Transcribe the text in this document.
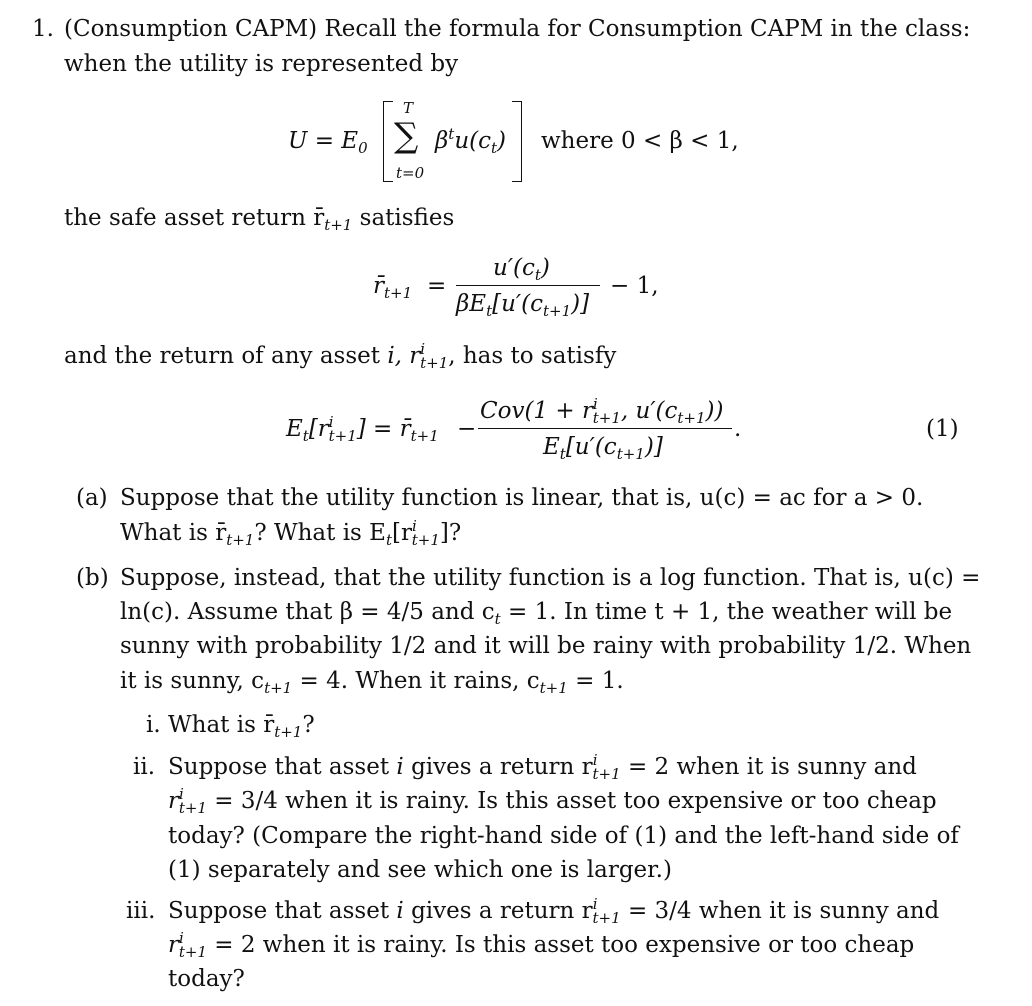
1. (Consumption CAPM) Recall the formula for Consumption CAPM in the class:
when the utility is represented by
$U = E_0$
T
∑
t=0
$\beta^tu(c_t)$ where 0 < β < 1,
the safe asset return $r̄_{t+1}$ satisfies
$r̄_{t+1}$ =
$u'(c_t)$
$\beta E_t[u'(c_{t+1})]$
− 1,
and the return of any asset i, $r^i_{t+1}$, has to satisfy
$E_t[r^i_{t+1}]$ = $r̄_{t+1}$ −
$Cov(1 + r^i_{t+1}$, $u'(c_{t+1})$)
$E_t[u'(c_{t+1})]$
.	(1)
(a) Suppose that the utility function is linear, that is, u(c) = ac for a > 0.
What is $r̄_{t+1}$? What is $E_t[r^i_{t+1}]$?
(b) Suppose, instead, that the utility function is a log function. That is, u(c) =
ln(c). Assume that β = 4/5 and $c_t = 1$. In time t + 1, the weather will be
sunny with probability 1/2 and it will be rainy with probability 1/2. When
it is sunny, $c_{t+1} = 4$. When it rains, $c_{t+1} = 1$.
i. What is $r̄_{t+1}$?
ii. Suppose that asset i gives a return $r^i_{t+1} = 2$ when it is sunny and
$r^i_{t+1} = 3/4$ when it is rainy. Is this asset too expensive or too cheap
today? (Compare the right-hand side of (1) and the left-hand side of
(1) separately and see which one is larger.)
iii. Suppose that asset i gives a return $r^i_{t+1} = 3/4$ when it is sunny and
$r^i_{t+1} = 2$ when it is rainy. Is this asset too expensive or too cheap
today?
